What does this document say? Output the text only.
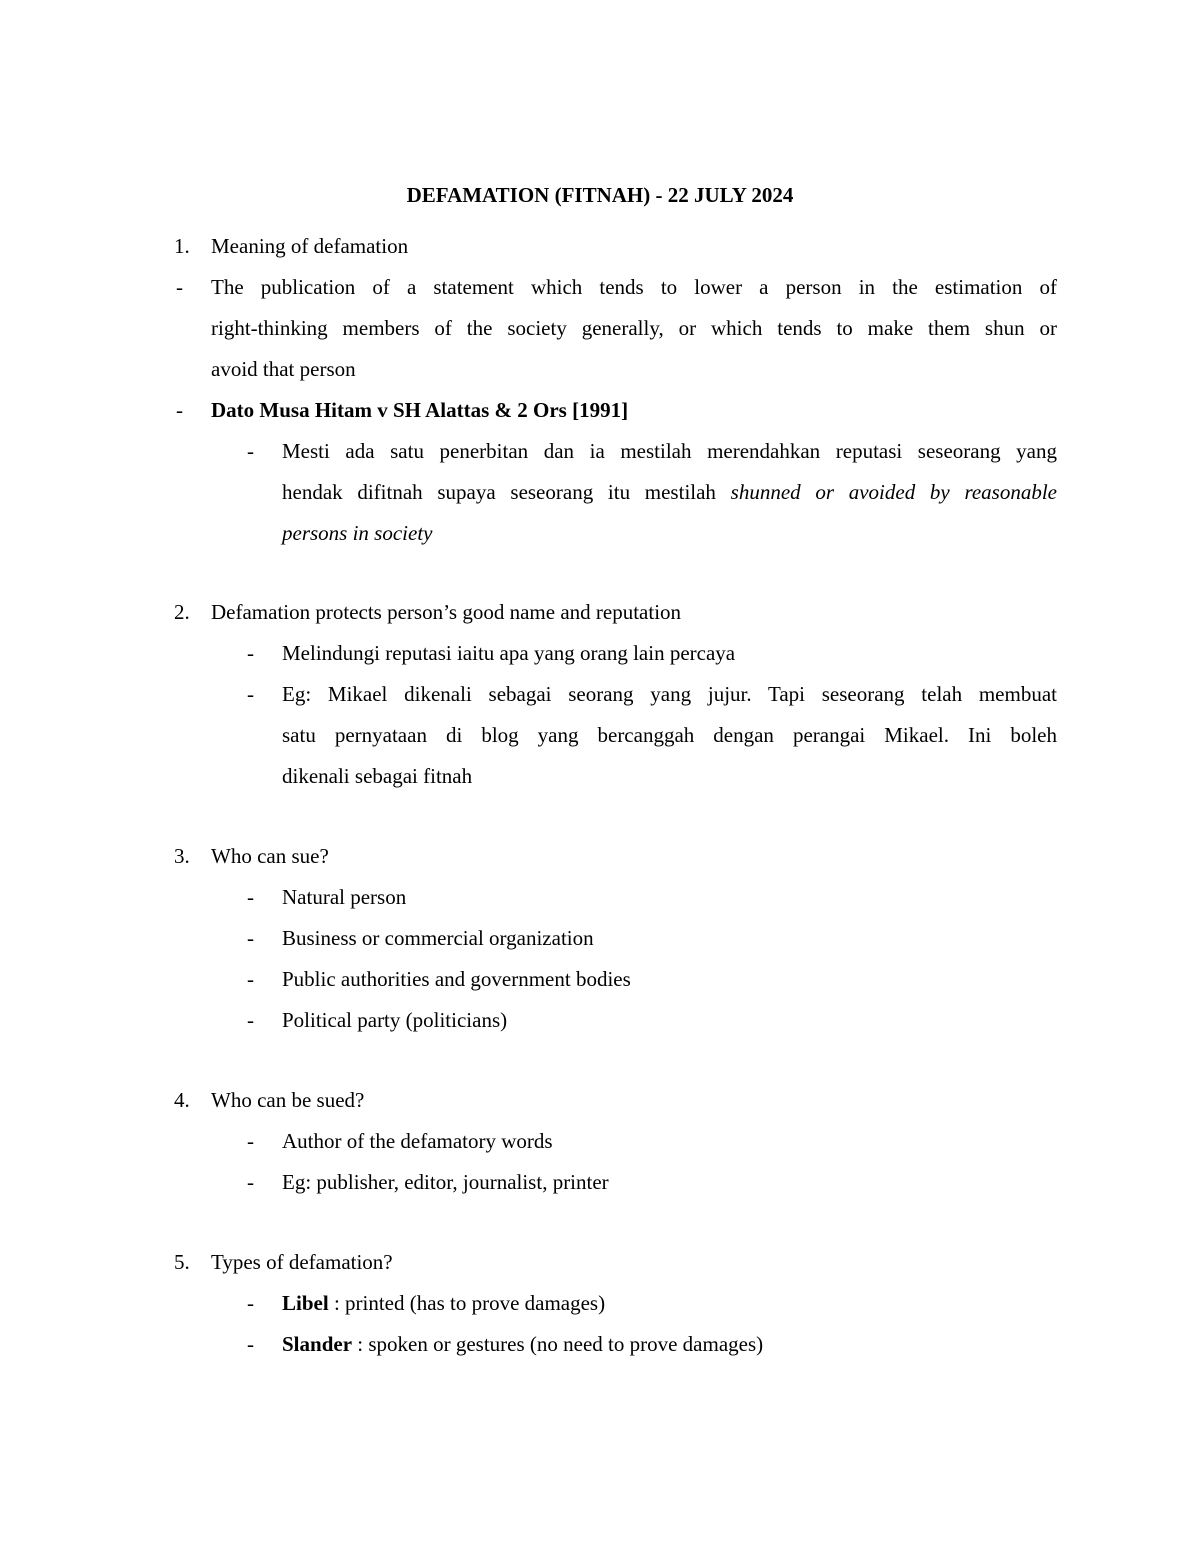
DEFAMATION (FITNAH) - 22 JULY 2024
1. Meaning of defamation
- The publication of a statement which tends to lower a person in the estimation of
right-thinking members of the society generally, or which tends to make them shun or
avoid that person
- Dato Musa Hitam v SH Alattas & 2 Ors [1991]
- Mesti ada satu penerbitan dan ia mestilah merendahkan reputasi seseorang yang
hendak difitnah supaya seseorang itu mestilah shunned or avoided by reasonable
persons in society
2. Defamation protects person’s good name and reputation
- Melindungi reputasi iaitu apa yang orang lain percaya
- Eg: Mikael dikenali sebagai seorang yang jujur. Tapi seseorang telah membuat
satu pernyataan di blog yang bercanggah dengan perangai Mikael. Ini boleh
dikenali sebagai fitnah
3. Who can sue?
- Natural person
- Business or commercial organization
- Public authorities and government bodies
- Political party (politicians)
4. Who can be sued?
- Author of the defamatory words
- Eg: publisher, editor, journalist, printer
5. Types of defamation?
- Libel : printed (has to prove damages)
- Slander : spoken or gestures (no need to prove damages)
